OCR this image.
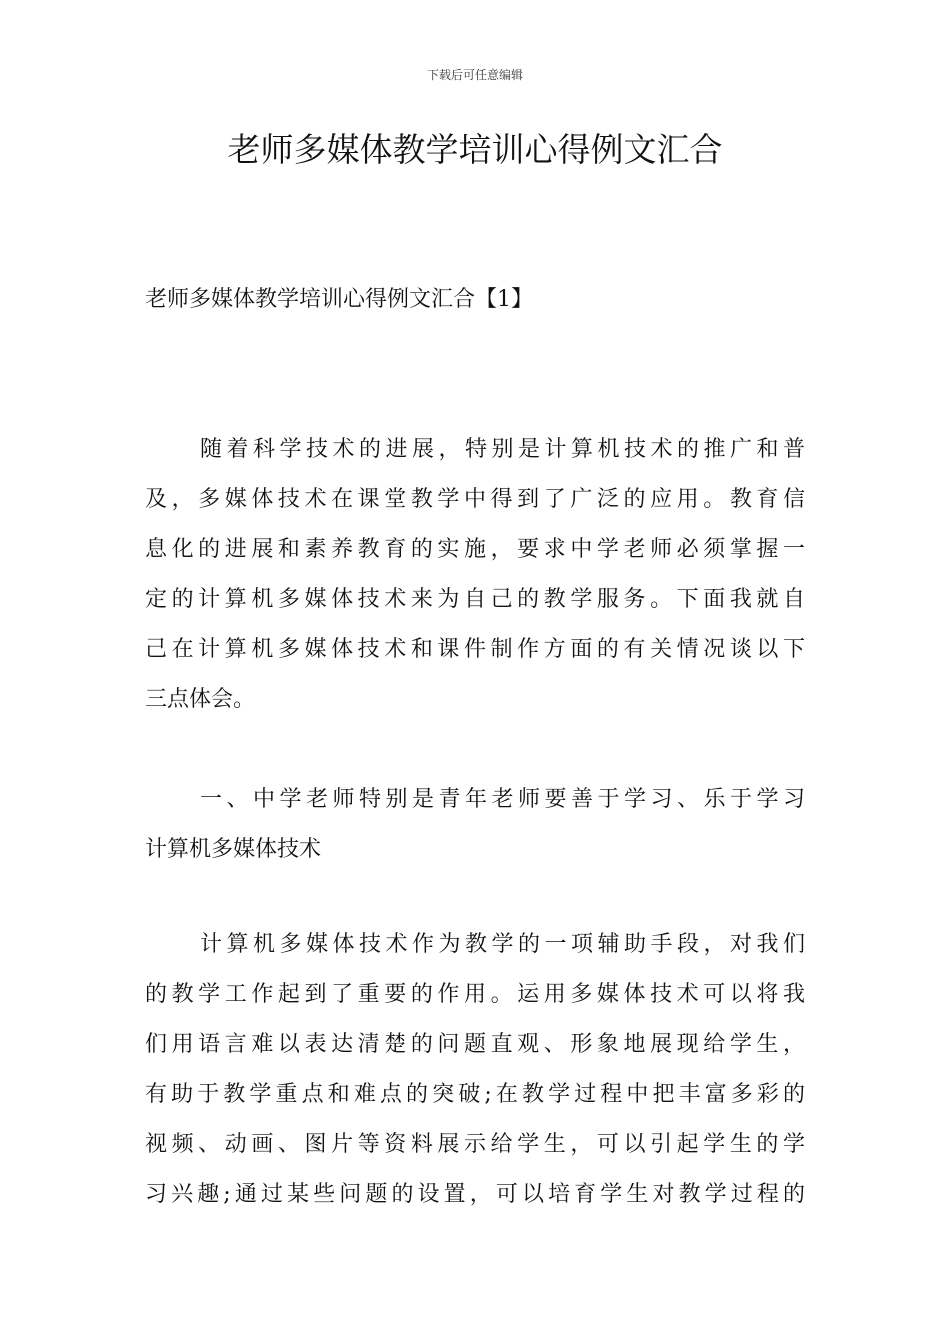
下载后可任意编辑
老师多媒体教学培训心得例文汇合
老师多媒体教学培训心得例文汇合【1】
随着科学技术的进展，特别是计算机技术的推广和普
及，多媒体技术在课堂教学中得到了广泛的应用。教育信
息化的进展和素养教育的实施，要求中学老师必须掌握一
定的计算机多媒体技术来为自己的教学服务。下面我就自
己在计算机多媒体技术和课件制作方面的有关情况谈以下
三点体会。
一、中学老师特别是青年老师要善于学习、乐于学习
计算机多媒体技术
计算机多媒体技术作为教学的一项辅助手段，对我们
的教学工作起到了重要的作用。运用多媒体技术可以将我
们用语言难以表达清楚的问题直观、形象地展现给学生，
有助于教学重点和难点的突破;在教学过程中把丰富多彩的
视频、动画、图片等资料展示给学生，可以引起学生的学
习兴趣;通过某些问题的设置，可以培育学生对教学过程的
